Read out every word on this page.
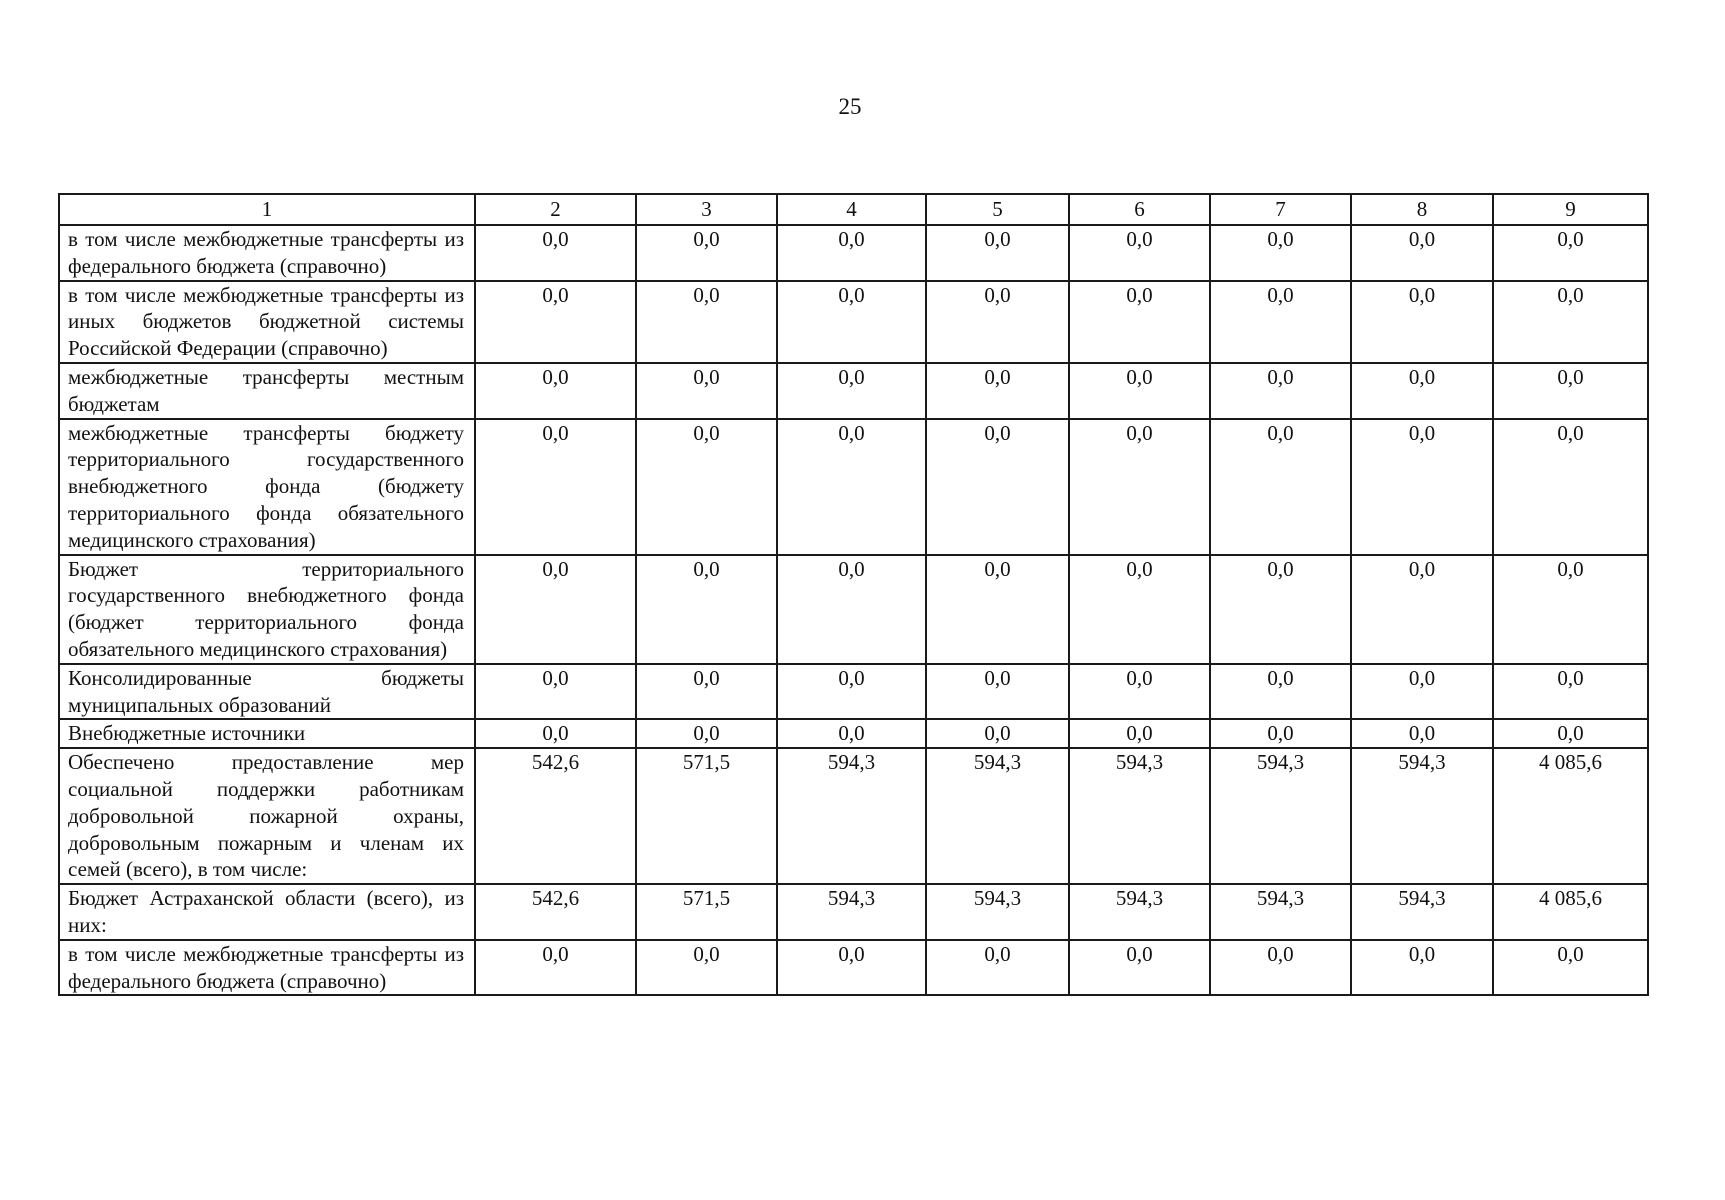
25
1	2	3	4	5	6	7	8	9
в том числе межбюджетные трансферты из федерального бюджета (справочно)	0,0	0,0	0,0	0,0	0,0	0,0	0,0	0,0
в том числе межбюджетные трансферты из иных бюджетов бюджетной системы Российской Федерации (справочно)	0,0	0,0	0,0	0,0	0,0	0,0	0,0	0,0
межбюджетные трансферты местным бюджетам	0,0	0,0	0,0	0,0	0,0	0,0	0,0	0,0
межбюджетные трансферты бюджету территориального государственного внебюджетного фонда (бюджету территориального фонда обязательного медицинского страхования)	0,0	0,0	0,0	0,0	0,0	0,0	0,0	0,0
Бюджет территориального государственного внебюджетного фонда (бюджет территориального фонда обязательного медицинского страхования)	0,0	0,0	0,0	0,0	0,0	0,0	0,0	0,0
Консолидированные бюджеты муниципальных образований	0,0	0,0	0,0	0,0	0,0	0,0	0,0	0,0
Внебюджетные источники	0,0	0,0	0,0	0,0	0,0	0,0	0,0	0,0
Обеспечено предоставление мер социальной поддержки работникам добровольной пожарной охраны, добровольным пожарным и членам их семей (всего), в том числе:	542,6	571,5	594,3	594,3	594,3	594,3	594,3	4 085,6
Бюджет Астраханской области (всего), из них:	542,6	571,5	594,3	594,3	594,3	594,3	594,3	4 085,6
в том числе межбюджетные трансферты из федерального бюджета (справочно)	0,0	0,0	0,0	0,0	0,0	0,0	0,0	0,0
